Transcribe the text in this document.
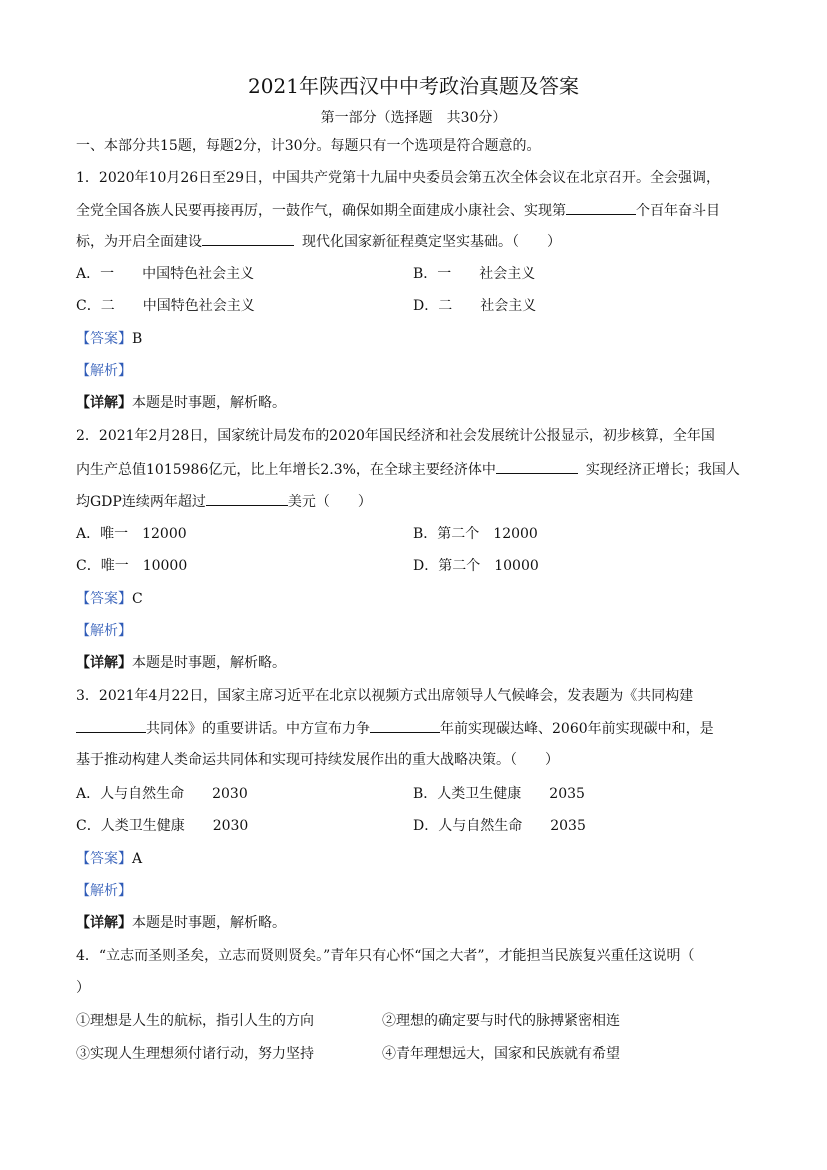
2021年陕西汉中中考政治真题及答案
第一部分（选择题　共30分）
一、本部分共15题，每题2分，计30分。每题只有一个选项是符合题意的。
1．2020年10月26日至29日，中国共产党第十九届中央委员会第五次全体会议在北京召开。全会强调，
全党全国各族人民要再接再厉，一鼓作气，确保如期全面建成小康社会、实现第	个百年奋斗目
标，为开启全面建设	现代化国家新征程奠定坚实基础。（　　）
A．一　　中国特色社会主义	B．一　　社会主义
C．二　　中国特色社会主义	D．二　　社会主义
【答案】B
【解析】
【详解】本题是时事题，解析略。
2．2021年2月28日，国家统计局发布的2020年国民经济和社会发展统计公报显示，初步核算，全年国
内生产总值1015986亿元，比上年增长2.3%，在全球主要经济体中	实现经济正增长；我国人
均GDP连续两年超过	美元（　　）
A．唯一　12000	B．第二个　12000
C．唯一　10000	D．第二个　10000
【答案】C
【解析】
【详解】本题是时事题，解析略。
3．2021年4月22日，国家主席习近平在北京以视频方式出席领导人气候峰会，发表题为《共同构建
共同体》的重要讲话。中方宣布力争	年前实现碳达峰、2060年前实现碳中和，是
基于推动构建人类命运共同体和实现可持续发展作出的重大战略决策。（　　）
A．人与自然生命　　2030	B．人类卫生健康　　2035
C．人类卫生健康　　2030	D．人与自然生命　　2035
【答案】A
【解析】
【详解】本题是时事题，解析略。
4．“立志而圣则圣矣，立志而贤则贤矣。”青年只有心怀“国之大者”，才能担当民族复兴重任这说明（
）
①理想是人生的航标，指引人生的方向	②理想的确定要与时代的脉搏紧密相连
③实现人生理想须付诸行动，努力坚持	④青年理想远大，国家和民族就有希望
